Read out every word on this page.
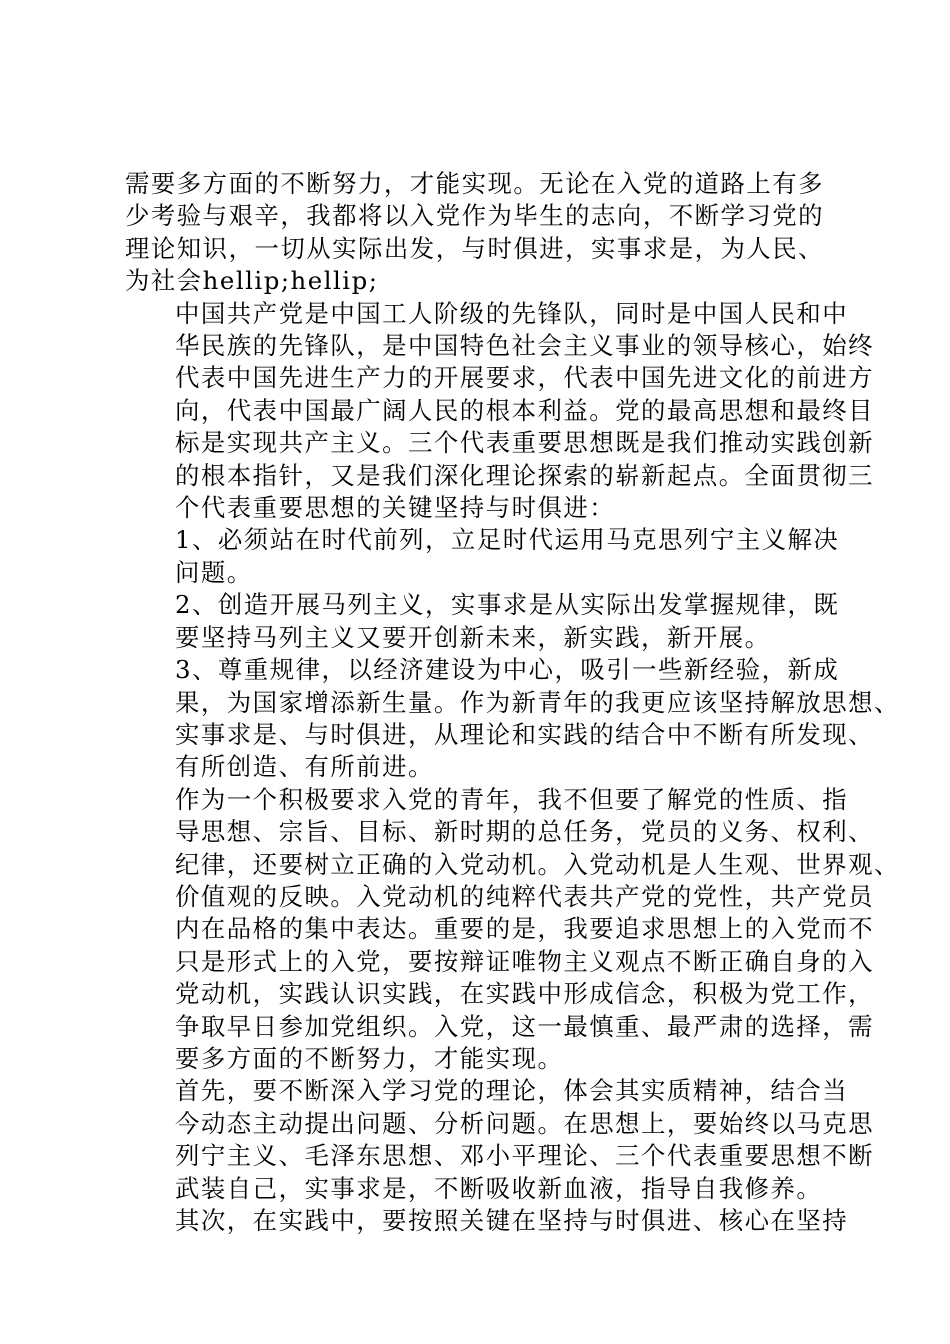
需要多方面的不断努力，才能实现。无论在入党的道路上有多
少考验与艰辛，我都将以入党作为毕生的志向，不断学习党的
理论知识，一切从实际出发，与时俱进，实事求是，为人民、
为社会hellip;hellip;

中国共产党是中国工人阶级的先锋队，同时是中国人民和中
华民族的先锋队，是中国特色社会主义事业的领导核心，始终
代表中国先进生产力的开展要求，代表中国先进文化的前进方
向，代表中国最广阔人民的根本利益。党的最高思想和最终目
标是实现共产主义。三个代表重要思想既是我们推动实践创新
的根本指针，又是我们深化理论探索的崭新起点。全面贯彻三
个代表重要思想的关键坚持与时俱进：

1、必须站在时代前列，立足时代运用马克思列宁主义解决
问题。

2、创造开展马列主义，实事求是从实际出发掌握规律，既
要坚持马列主义又要开创新未来，新实践，新开展。

3、尊重规律，以经济建设为中心，吸引一些新经验，新成
果，为国家增添新生量。作为新青年的我更应该坚持解放思想、
实事求是、与时俱进，从理论和实践的结合中不断有所发现、
有所创造、有所前进。

作为一个积极要求入党的青年，我不但要了解党的性质、指
导思想、宗旨、目标、新时期的总任务，党员的义务、权利、
纪律，还要树立正确的入党动机。入党动机是人生观、世界观、
价值观的反映。入党动机的纯粹代表共产党的党性，共产党员
内在品格的集中表达。重要的是，我要追求思想上的入党而不
只是形式上的入党，要按辩证唯物主义观点不断正确自身的入
党动机，实践认识实践，在实践中形成信念，积极为党工作，
争取早日参加党组织。入党，这一最慎重、最严肃的选择，需
要多方面的不断努力，才能实现。

首先，要不断深入学习党的理论，体会其实质精神，结合当
今动态主动提出问题、分析问题。在思想上，要始终以马克思
列宁主义、毛泽东思想、邓小平理论、三个代表重要思想不断
武装自己，实事求是，不断吸收新血液，指导自我修养。

其次，在实践中，要按照关键在坚持与时俱进、核心在坚持
